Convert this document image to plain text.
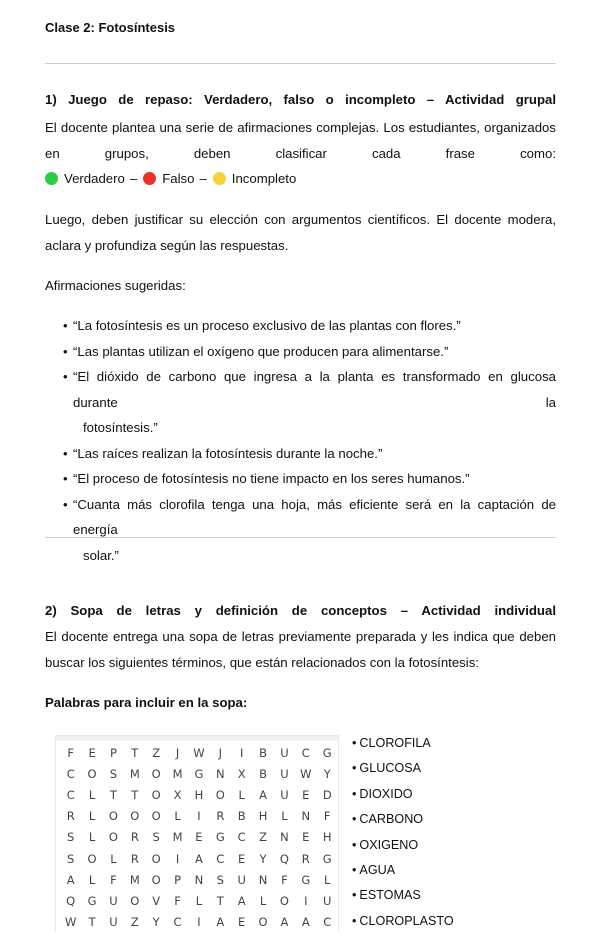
Clase 2: Fotosíntesis
1) Juego de repaso: Verdadero, falso o incompleto – Actividad grupal
El docente plantea una serie de afirmaciones complejas. Los estudiantes, organizados en grupos, deben clasificar cada frase como:
Verdadero – Falso – Incompleto
Luego, deben justificar su elección con argumentos científicos. El docente modera, aclara y profundiza según las respuestas.
Afirmaciones sugeridas:
• “La fotosíntesis es un proceso exclusivo de las plantas con flores.”
• “Las plantas utilizan el oxígeno que producen para alimentarse.”
• “El dióxido de carbono que ingresa a la planta es transformado en glucosa durante la
fotosíntesis.”
• “Las raíces realizan la fotosíntesis durante la noche.”
• “El proceso de fotosíntesis no tiene impacto en los seres humanos.”
• “Cuanta más clorofila tenga una hoja, más eficiente será en la captación de energía
solar.”
2) Sopa de letras y definición de conceptos – Actividad individual
El docente entrega una sopa de letras previamente preparada y les indica que deben buscar los siguientes términos, que están relacionados con la fotosíntesis:
Palabras para incluir en la sopa:
F	E	P	T	Z	J	W	J	I	B	U	C	G
C	O	S	M	O	M	G	N	X	B	U	W	Y
C	L	T	T	O	X	H	O	L	A	U	E	D
R	L	O	O	O	L	I	R	B	H	L	N	F
S	L	O	R	S	M	E	G	C	Z	N	E	H
S	O	L	R	O	I	A	C	E	Y	Q	R	G
A	L	F	M	O	P	N	S	U	N	F	G	L
Q	G	U	O	V	F	L	T	A	L	O	I	U
W	T	U	Z	Y	C	I	A	E	O	A	A	C
• CLOROFILA
• GLUCOSA
• DIOXIDO
• CARBONO
• OXIGENO
• AGUA
• ESTOMAS
• CLOROPLASTO
